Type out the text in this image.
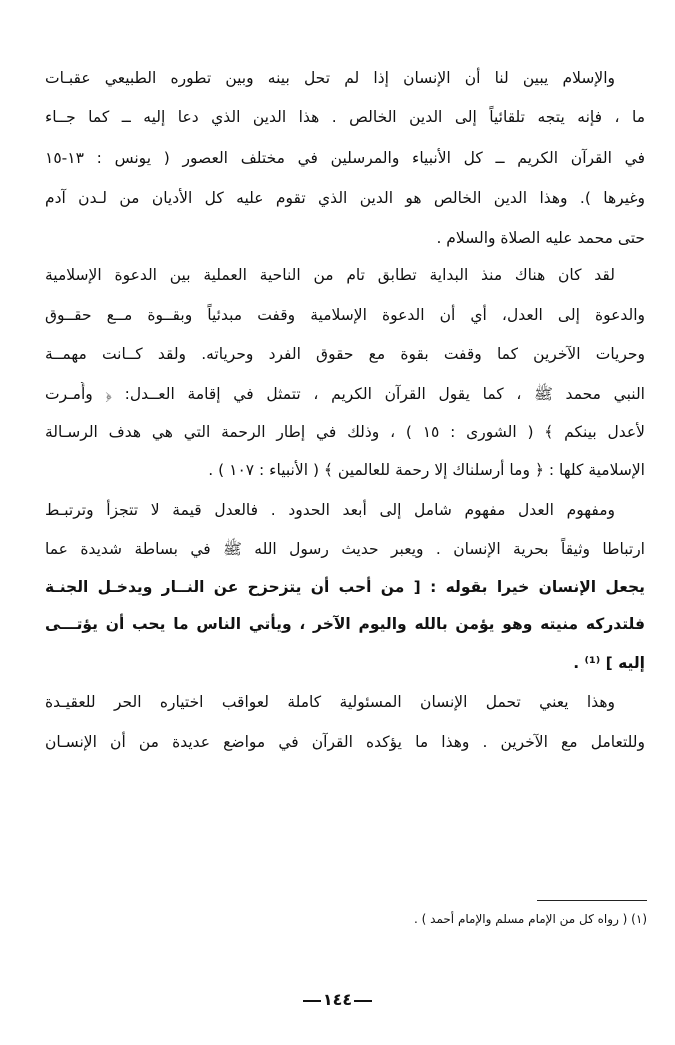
والإسلام يبين لنا أن الإنسان إذا لم تحل بينه وبين تطوره الطبيعي عقبـات
ما ، فإنه يتجه تلقائياً إلى الدين الخالص . هذا الدين الذي دعا إليه ــ كما جــاء
في القرآن الكريم ــ كل الأنبياء والمرسلين في مختلف العصور ( يونس : ١٣-١٥
وغيرها ). وهذا الدين الخالص هو الدين الذي تقوم عليه كل الأديان من لـدن آدم
حتى محمد عليه الصلاة والسلام .
لقد كان هناك منذ البداية تطابق تام من الناحية العملية بين الدعوة الإسلامية
والدعوة إلى العدل، أي أن الدعوة الإسلامية وقفت مبدئياً وبقــوة مــع حقــوق
وحريات الآخرين كما وقفت بقوة مع حقوق الفرد وحرياته. ولقد كــانت مهمــة
النبي محمد ﷺ ، كما يقول القرآن الكريم ، تتمثل في إقامة العــدل: ﴿ وأُمـرت
لأعدل بينكم ﴾ ( الشورى : ١٥ ) ، وذلك في إطار الرحمة التي هي هدف الرسـالة
الإسلامية كلها : ﴿ وما أرسلناك إلا رحمة للعالمين ﴾ ( الأنبياء : ١٠٧ ) .
ومفهوم العدل مفهوم شامل إلى أبعد الحدود . فالعدل قيمة لا تتجزأ وترتبـط
ارتباطا وثيقاً بحرية الإنسان . ويعبر حديث رسول الله ﷺ في بساطة شديدة عما
يجعل الإنسان خيرا بقوله : [ من أحب أن يتزحزح عن النــار ويدخـل الجنـة
فلتدركه منيته وهو يؤمن بالله واليوم الآخر ، ويأتي الناس ما يحب أن يؤتـــى
إليه ] ⁽¹⁾ .
وهذا يعني تحمل الإنسان المسئولية كاملة لعواقب اختياره الحر للعقيـدة
وللتعامل مع الآخرين . وهذا ما يؤكده القرآن في مواضع عديدة من أن الإنسـان
(١) ( رواه كل من الإمام مسلم والإمام أحمد ) .
١٤٤
